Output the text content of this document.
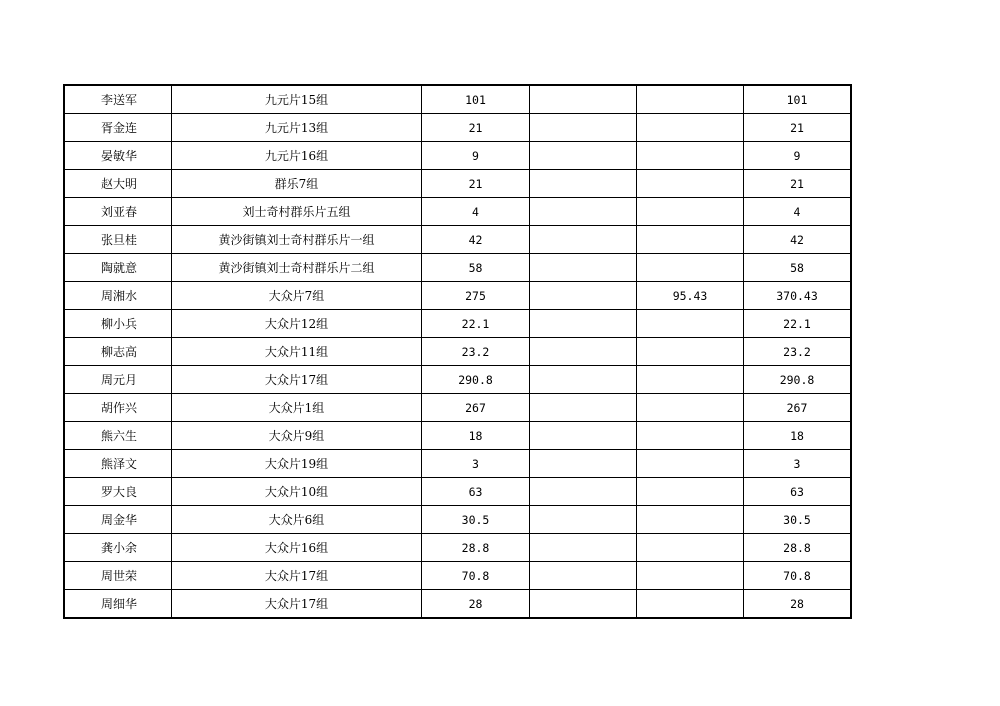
李送军	九元片15组	101			101
胥金连	九元片13组	21			21
晏敏华	九元片16组	9			9
赵大明	群乐7组	21			21
刘亚春	刘士奇村群乐片五组	4			4
张旦桂	黄沙街镇刘士奇村群乐片一组	42			42
陶就意	黄沙街镇刘士奇村群乐片二组	58			58
周湘水	大众片7组	275		95.43	370.43
柳小兵	大众片12组	22.1			22.1
柳志高	大众片11组	23.2			23.2
周元月	大众片17组	290.8			290.8
胡作兴	大众片1组	267			267
熊六生	大众片9组	18			18
熊泽文	大众片19组	3			3
罗大良	大众片10组	63			63
周金华	大众片6组	30.5			30.5
龚小余	大众片16组	28.8			28.8
周世荣	大众片17组	70.8			70.8
周细华	大众片17组	28			28
